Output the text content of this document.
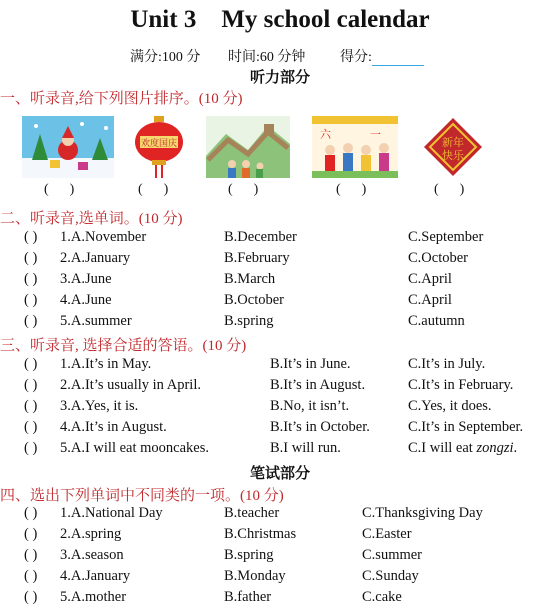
Unit 3    My school calendar
满分:100 分 时间:60 分钟 得分:
听力部分
一、听录音,给下列图片排序。(10 分)
欢度国庆
六	一
新年
快乐
(      )	(      )	(      )	(      )	(      )
二、听录音,选单词。(10 分)
( ) 1.A.November	B.December	C.September
( ) 2.A.January	B.February	C.October
( ) 3.A.June	B.March	C.April
( ) 4.A.June	B.October	C.April
( ) 5.A.summer	B.spring	C.autumn
三、听录音, 选择合适的答语。(10 分)
( ) 1.A.It’s in May.	B.It’s in June.	C.It’s in July.
( ) 2.A.It’s usually in April.	B.It’s in August.	C.It’s in February.
( ) 3.A.Yes, it is.	B.No, it isn’t.	C.Yes, it does.
( ) 4.A.It’s in August.	B.It’s in October.	C.It’s in September.
( ) 5.A.I will eat mooncakes.	B.I will run.	C.I will eat zongzi.
笔试部分
四、选出下列单词中不同类的一项。(10 分)
( ) 1.A.National Day	B.teacher	C.Thanksgiving Day
( ) 2.A.spring	B.Christmas	C.Easter
( ) 3.A.season	B.spring	C.summer
( ) 4.A.January	B.Monday	C.Sunday
( ) 5.A.mother	B.father	C.cake
